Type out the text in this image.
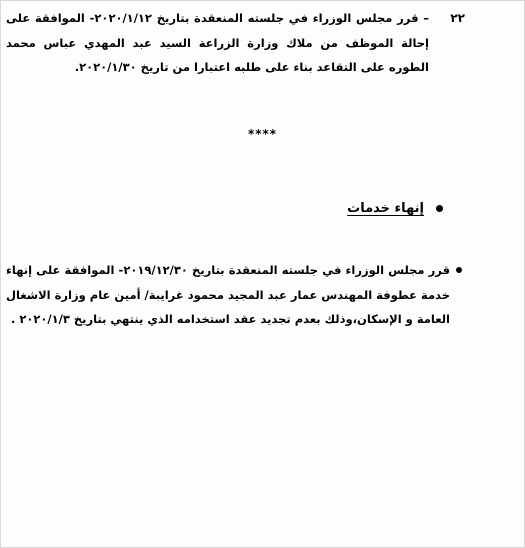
٢٢
– قرر مجلس الوزراء في جلسته المنعقدة بتاريخ ٢٠٢٠/١/١٢- الموافقة على إحالة الموظف من ملاك وزارة الزراعة السيد عبد المهدي عباس محمد الطوره على التقاعد بناء على طلبه اعتبارا من تاريخ ٢٠٢٠/١/٣٠.
****
إنهاء خدمات
قرر مجلس الوزراء في جلسته المنعقدة بتاريخ ٢٠١٩/١٢/٣٠- الموافقة على إنهاء خدمة عطوفة المهندس عمار عبد المجيد محمود غرايبة/ أمين عام وزارة الاشغال العامة و الإسكان،وذلك بعدم تجديد عقد استخدامه الذي ينتهي بتاريخ ٢٠٢٠/١/٣ .
